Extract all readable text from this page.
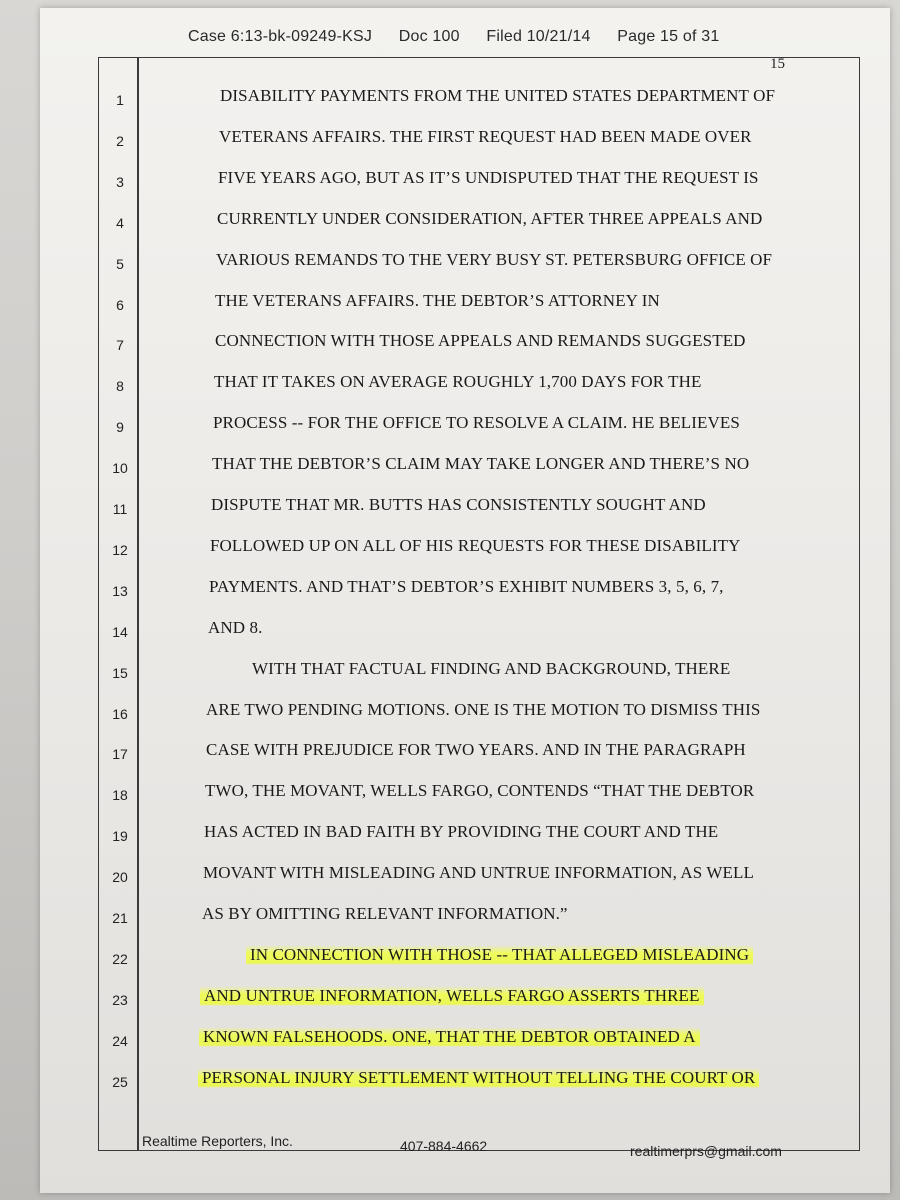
Case 6:13-bk-09249-KSJ Doc 100 Filed 10/21/14 Page 15 of 31
15
1	DISABILITY PAYMENTS FROM THE UNITED STATES DEPARTMENT OF
2	VETERANS AFFAIRS. THE FIRST REQUEST HAD BEEN MADE OVER
3	FIVE YEARS AGO, BUT AS IT’S UNDISPUTED THAT THE REQUEST IS
4	CURRENTLY UNDER CONSIDERATION, AFTER THREE APPEALS AND
5	VARIOUS REMANDS TO THE VERY BUSY ST. PETERSBURG OFFICE OF
6	THE VETERANS AFFAIRS. THE DEBTOR’S ATTORNEY IN
7	CONNECTION WITH THOSE APPEALS AND REMANDS SUGGESTED
8	THAT IT TAKES ON AVERAGE ROUGHLY 1,700 DAYS FOR THE
9	PROCESS -- FOR THE OFFICE TO RESOLVE A CLAIM. HE BELIEVES
10	THAT THE DEBTOR’S CLAIM MAY TAKE LONGER AND THERE’S NO
11	DISPUTE THAT MR. BUTTS HAS CONSISTENTLY SOUGHT AND
12	FOLLOWED UP ON ALL OF HIS REQUESTS FOR THESE DISABILITY
13	PAYMENTS. AND THAT’S DEBTOR’S EXHIBIT NUMBERS 3, 5, 6, 7,
14	AND 8.
15	WITH THAT FACTUAL FINDING AND BACKGROUND, THERE
16	ARE TWO PENDING MOTIONS. ONE IS THE MOTION TO DISMISS THIS
17	CASE WITH PREJUDICE FOR TWO YEARS. AND IN THE PARAGRAPH
18	TWO, THE MOVANT, WELLS FARGO, CONTENDS “THAT THE DEBTOR
19	HAS ACTED IN BAD FAITH BY PROVIDING THE COURT AND THE
20	MOVANT WITH MISLEADING AND UNTRUE INFORMATION, AS WELL
21	AS BY OMITTING RELEVANT INFORMATION.”
22	IN CONNECTION WITH THOSE -- THAT ALLEGED MISLEADING
23	AND UNTRUE INFORMATION, WELLS FARGO ASSERTS THREE
24	KNOWN FALSEHOODS. ONE, THAT THE DEBTOR OBTAINED A
25	PERSONAL INJURY SETTLEMENT WITHOUT TELLING THE COURT OR
Realtime Reporters, Inc.	407-884-4662	realtimerprs@gmail.com
